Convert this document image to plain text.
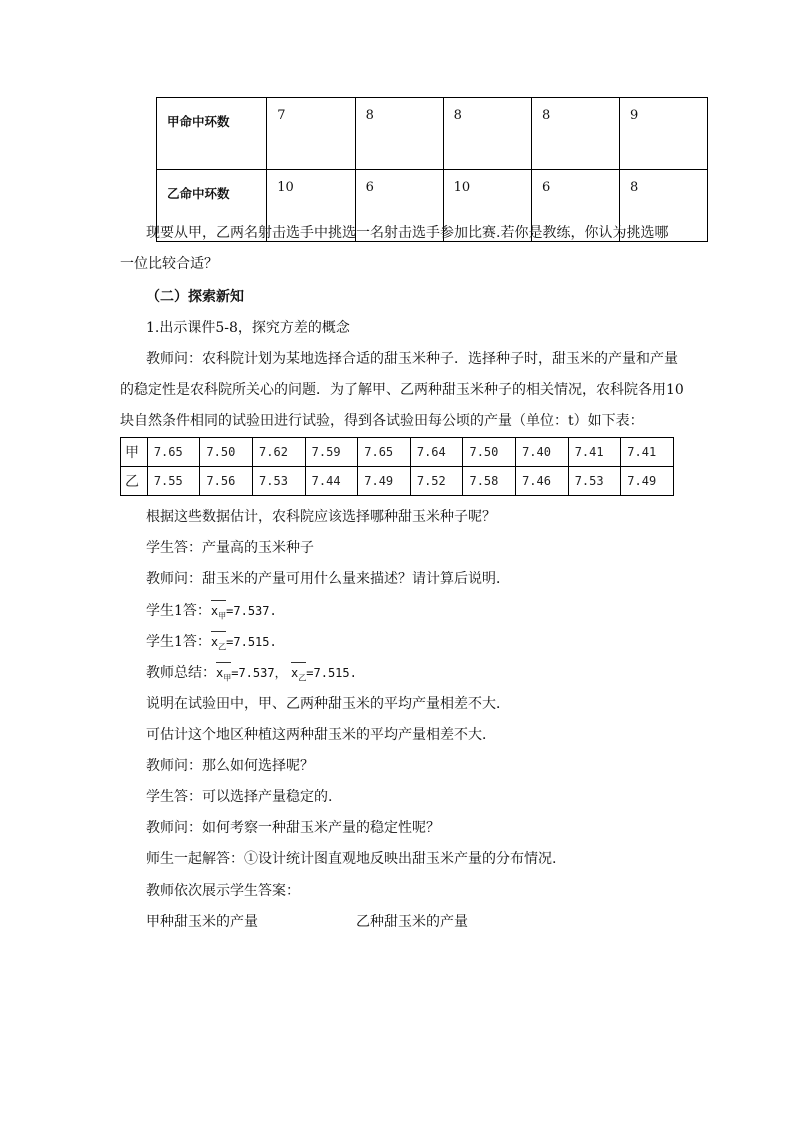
甲命中环数	7	8	8	8	9
乙命中环数	10	6	10	6	8
现要从甲，乙两名射击选手中挑选一名射击选手参加比赛.若你是教练，你认为挑选哪
一位比较合适？
（二）探索新知
1.出示课件5-8，探究方差的概念
教师问：农科院计划为某地选择合适的甜玉米种子．选择种子时，甜玉米的产量和产量
的稳定性是农科院所关心的问题．为了解甲、乙两种甜玉米种子的相关情况，农科院各用10
块自然条件相同的试验田进行试验，得到各试验田每公顷的产量（单位：t）如下表：
甲	7.65	7.50	7.62	7.59	7.65	7.64	7.50	7.40	7.41	7.41
乙	7.55	7.56	7.53	7.44	7.49	7.52	7.58	7.46	7.53	7.49
根据这些数据估计，农科院应该选择哪种甜玉米种子呢？
学生答：产量高的玉米种子
教师问：甜玉米的产量可用什么量来描述？请计算后说明．
学生1答：$x_甲=7.537$.
学生1答：$x_乙=7.515$.
教师总结：$x_甲=7.537$， $x_乙=7.515$.
说明在试验田中，甲、乙两种甜玉米的平均产量相差不大．
可估计这个地区种植这两种甜玉米的平均产量相差不大．
教师问：那么如何选择呢？
学生答：可以选择产量稳定的.
教师问：如何考察一种甜玉米产量的稳定性呢？
师生一起解答：①设计统计图直观地反映出甜玉米产量的分布情况.
教师依次展示学生答案：
甲种甜玉米的产量	乙种甜玉米的产量
